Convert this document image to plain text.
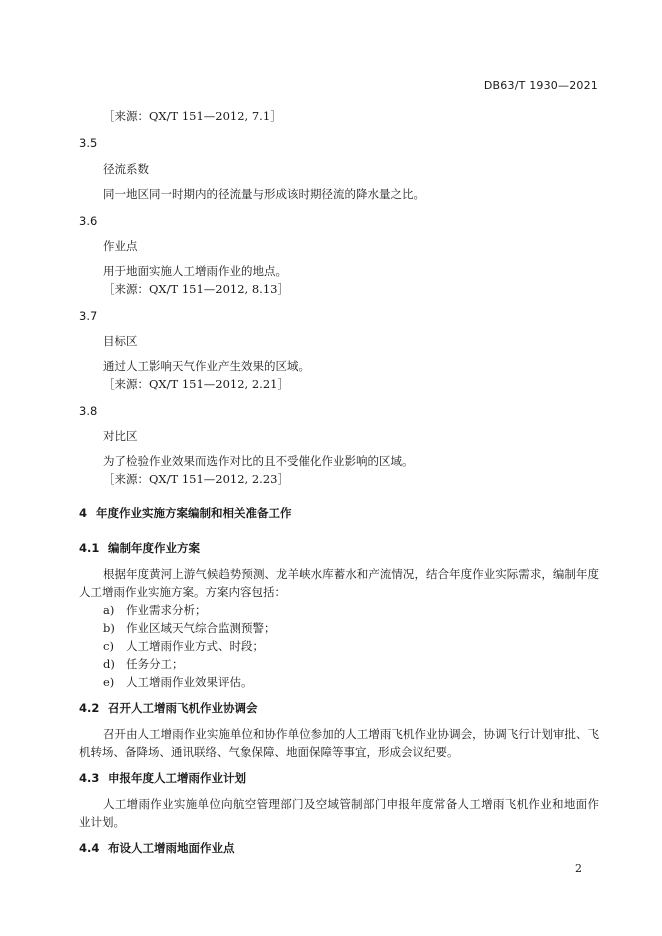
DB63/T 1930—2021
［来源：QX/T 151—2012, 7.1］
3.5
径流系数
同一地区同一时期内的径流量与形成该时期径流的降水量之比。
3.6
作业点
用于地面实施人工增雨作业的地点。
［来源：QX/T 151—2012, 8.13］
3.7
目标区
通过人工影响天气作业产生效果的区域。
［来源：QX/T 151—2012, 2.21］
3.8
对比区
为了检验作业效果而选作对比的且不受催化作业影响的区域。
［来源：QX/T 151—2012, 2.23］
4 年度作业实施方案编制和相关准备工作
4.1 编制年度作业方案
根据年度黄河上游气候趋势预测、龙羊峡水库蓄水和产流情况，结合年度作业实际需求，编制年度
人工增雨作业实施方案。方案内容包括：
a) 作业需求分析；
b) 作业区域天气综合监测预警；
c) 人工增雨作业方式、时段；
d) 任务分工；
e) 人工增雨作业效果评估。
4.2 召开人工增雨飞机作业协调会
召开由人工增雨作业实施单位和协作单位参加的人工增雨飞机作业协调会，协调飞行计划审批、飞
机转场、备降场、通讯联络、气象保障、地面保障等事宜，形成会议纪要。
4.3 申报年度人工增雨作业计划
人工增雨作业实施单位向航空管理部门及空域管制部门申报年度常备人工增雨飞机作业和地面作
业计划。
4.4 布设人工增雨地面作业点
2
